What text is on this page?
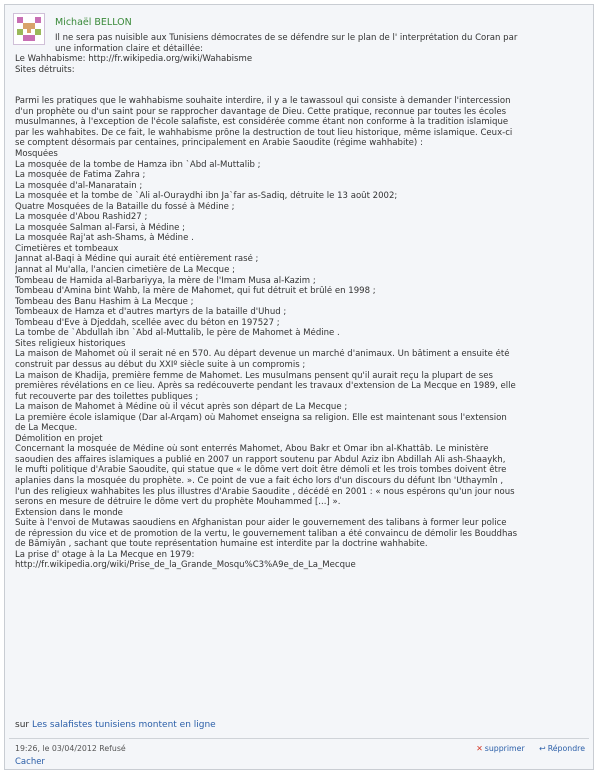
Michaël BELLON
Il ne sera pas nuisible aux Tunisiens démocrates de se défendre sur le plan de l' interprétation du Coran par
une information claire et détaillée:
Le Wahhabisme: http://fr.wikipedia.org/wiki/Wahabisme
Sites détruits:
Parmi les pratiques que le wahhabisme souhaite interdire, il y a le tawassoul qui consiste à demander l'intercession
d'un prophète ou d'un saint pour se rapprocher davantage de Dieu. Cette pratique, reconnue par toutes les écoles
musulmannes, à l'exception de l'école salafiste, est considérée comme étant non conforme à la tradition islamique
par les wahhabites. De ce fait, le wahhabisme prône la destruction de tout lieu historique, même islamique. Ceux-ci
se comptent désormais par centaines, principalement en Arabie Saoudite (régime wahhabite) :
Mosquées
La mosquée de la tombe de Hamza ibn `Abd al-Muttalib ;
La mosquée de Fatima Zahra ;
La mosquée d'al-Manaratain ;
La mosquée et la tombe de `Ali al-Ouraydhi ibn Ja`far as-Sadiq, détruite le 13 août 2002;
Quatre Mosquées de la Bataille du fossé à Médine ;
La mosquée d'Abou Rashid27 ;
La mosquée Salman al-Farsi, à Médine ;
La mosquée Raj'at ash-Shams, à Médine .
Cimetières et tombeaux
Jannat al-Baqi à Médine qui aurait été entièrement rasé ;
Jannat al Mu'alla, l'ancien cimetière de La Mecque ;
Tombeau de Hamida al-Barbariyya, la mère de l'Imam Musa al-Kazim ;
Tombeau d'Amina bint Wahb, la mère de Mahomet, qui fut détruit et brûlé en 1998 ;
Tombeau des Banu Hashim à La Mecque ;
Tombeaux de Hamza et d'autres martyrs de la bataille d'Uhud ;
Tombeau d'Eve à Djeddah, scellée avec du béton en 197527 ;
La tombe de `Abdullah ibn `Abd al-Muttalib, le père de Mahomet à Médine .
Sites religieux historiques
La maison de Mahomet où il serait né en 570. Au départ devenue un marché d'animaux. Un bâtiment a ensuite été
construit par dessus au début du XXIº siècle suite à un compromis ;
La maison de Khadija, première femme de Mahomet. Les musulmans pensent qu'il aurait reçu la plupart de ses
premières révélations en ce lieu. Après sa redécouverte pendant les travaux d'extension de La Mecque en 1989, elle
fut recouverte par des toilettes publiques ;
La maison de Mahomet à Médine où il vécut après son départ de La Mecque ;
La première école islamique (Dar al-Arqam) où Mahomet enseigna sa religion. Elle est maintenant sous l'extension
de La Mecque.
Démolition en projet
Concernant la mosquée de Médine où sont enterrés Mahomet, Abou Bakr et Omar ibn al-Khattâb. Le ministère
saoudien des affaires islamiques a publié en 2007 un rapport soutenu par Abdul Aziz ibn Abdillah Ali ash-Shaaykh,
le mufti politique d'Arabie Saoudite, qui statue que « le dôme vert doit être démoli et les trois tombes doivent être
aplanies dans la mosquée du prophète. ». Ce point de vue a fait écho lors d'un discours du défunt Ibn 'Uthaymîn ,
l'un des religieux wahhabites les plus illustres d'Arabie Saoudite , décédé en 2001 : « nous espérons qu'un jour nous
serons en mesure de détruire le dôme vert du prophète Mouhammed [...] ».
Extension dans le monde
Suite à l'envoi de Mutawas saoudiens en Afghanistan pour aider le gouvernement des talibans à former leur police
de répression du vice et de promotion de la vertu, le gouvernement taliban a été convaincu de démolir les Bouddhas
de Bâmiyân , sachant que toute représentation humaine est interdite par la doctrine wahhabite.
La prise d' otage à la La Mecque en 1979:
http://fr.wikipedia.org/wiki/Prise_de_la_Grande_Mosqu%C3%A9e_de_La_Mecque
sur Les salafistes tunisiens montent en ligne
19:26, le 03/04/2012 Refusé	✕ supprimer ↩ Répondre
Cacher
